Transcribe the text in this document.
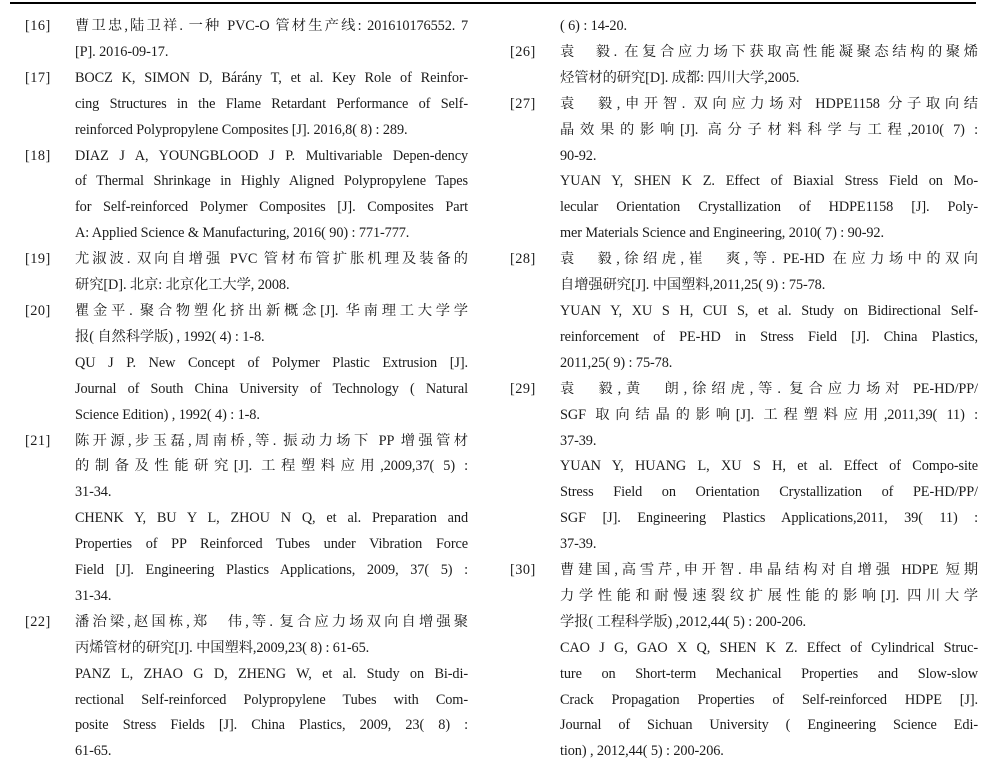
[16]	曹卫忠,陆卫祥. 一种 PVC-O 管材生产线: 201610176552. 7
[P]. 2016-09-17.
[17]	BOCZ K, SIMON D, Bárány T, et al. Key Role of Reinfor-
cing Structures in the Flame Retardant Performance of Self-
reinforced Polypropylene Composites [J]. 2016,8( 8) : 289.
[18]	DIAZ J A, YOUNGBLOOD J P. Multivariable Depen-dency
of Thermal Shrinkage in Highly Aligned Polypropylene Tapes
for Self-reinforced Polymer Composites [J]. Composites Part
A: Applied Science & Manufacturing, 2016( 90) : 771-777.
[19]	尤淑波. 双向自增强 PVC 管材布管扩胀机理及装备的
研究[D]. 北京: 北京化工大学, 2008.
[20]	瞿金平. 聚合物塑化挤出新概念[J]. 华南理工大学学
报( 自然科学版) , 1992( 4) : 1-8.
QU J P. New Concept of Polymer Plastic Extrusion [J].
Journal of South China University of Technology ( Natural
Science Edition) , 1992( 4) : 1-8.
[21]	陈开源,步玉磊,周南桥,等. 振动力场下 PP 增强管材
的制备及性能研究[J]. 工程塑料应用,2009,37( 5) :
31-34.
CHENK Y, BU Y L, ZHOU N Q, et al. Preparation and
Properties of PP Reinforced Tubes under Vibration Force
Field [J]. Engineering Plastics Applications, 2009, 37( 5) :
31-34.
[22]	潘治梁,赵国栋,郑　伟,等. 复合应力场双向自增强聚
丙烯管材的研究[J]. 中国塑料,2009,23( 8) : 61-65.
PANZ L, ZHAO G D, ZHENG W, et al. Study on Bi-di-
rectional Self-reinforced Polypropylene Tubes with Com-
posite Stress Fields [J]. China Plastics, 2009, 23( 8) :
61-65.
( 6) : 14-20.
[26]	袁　毅. 在复合应力场下获取高性能凝聚态结构的聚烯
烃管材的研究[D]. 成都: 四川大学,2005.
[27]	袁　毅,申开智. 双向应力场对 HDPE1158 分子取向结
晶效果的影响[J]. 高分子材料科学与工程,2010( 7) :
90-92.
YUAN Y, SHEN K Z. Effect of Biaxial Stress Field on Mo-
lecular Orientation Crystallization of HDPE1158 [J]. Poly-
mer Materials Science and Engineering, 2010( 7) : 90-92.
[28]	袁　毅,徐绍虎,崔　爽,等. PE-HD 在应力场中的双向
自增强研究[J]. 中国塑料,2011,25( 9) : 75-78.
YUAN Y, XU S H, CUI S, et al. Study on Bidirectional Self-
reinforcement of PE-HD in Stress Field [J]. China Plastics,
2011,25( 9) : 75-78.
[29]	袁　毅,黄　朗,徐绍虎,等. 复合应力场对 PE-HD/PP/
SGF 取向结晶的影响[J]. 工程塑料应用,2011,39( 11) :
37-39.
YUAN Y, HUANG L, XU S H, et al. Effect of Compo-site
Stress Field on Orientation Crystallization of PE-HD/PP/
SGF [J]. Engineering Plastics Applications,2011, 39( 11) :
37-39.
[30]	曹建国,高雪芹,申开智. 串晶结构对自增强 HDPE 短期
力学性能和耐慢速裂纹扩展性能的影响[J]. 四川大学
学报( 工程科学版) ,2012,44( 5) : 200-206.
CAO J G, GAO X Q, SHEN K Z. Effect of Cylindrical Struc-
ture on Short-term Mechanical Properties and Slow-slow
Crack Propagation Properties of Self-reinforced HDPE [J].
Journal of Sichuan University ( Engineering Science Edi-
tion) , 2012,44( 5) : 200-206.
